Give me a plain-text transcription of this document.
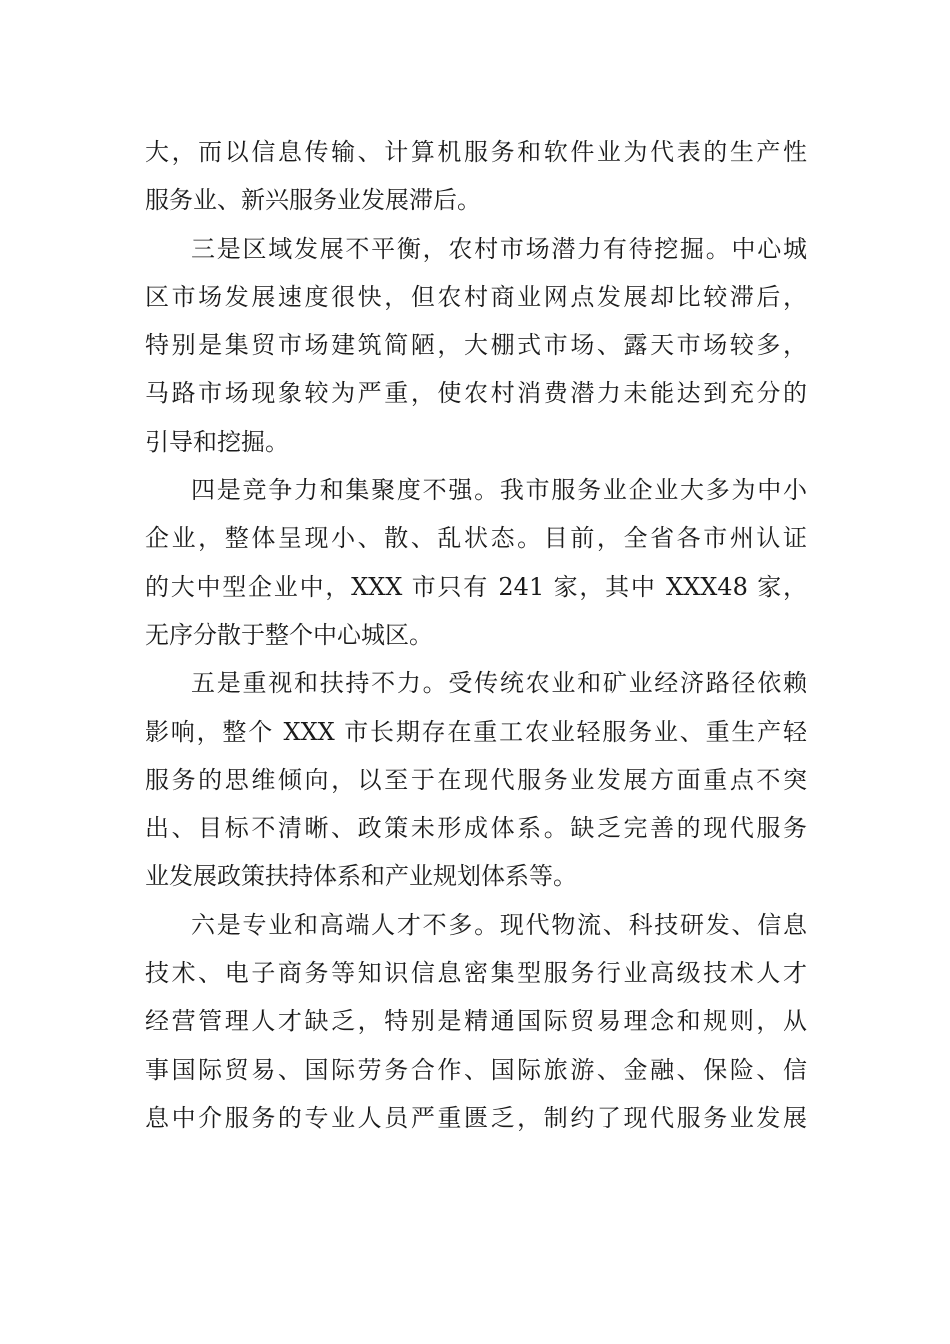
大，而以信息传输、计算机服务和软件业为代表的生产性
服务业、新兴服务业发展滞后。
三是区域发展不平衡，农村市场潜力有待挖掘。中心城
区市场发展速度很快，但农村商业网点发展却比较滞后，
特别是集贸市场建筑简陋，大棚式市场、露天市场较多，
马路市场现象较为严重，使农村消费潜力未能达到充分的
引导和挖掘。
四是竞争力和集聚度不强。我市服务业企业大多为中小
企业，整体呈现小、散、乱状态。目前，全省各市州认证
的大中型企业中，XXX 市只有 241 家，其中 XXX48 家，
无序分散于整个中心城区。
五是重视和扶持不力。受传统农业和矿业经济路径依赖
影响，整个 XXX 市长期存在重工农业轻服务业、重生产轻
服务的思维倾向，以至于在现代服务业发展方面重点不突
出、目标不清晰、政策未形成体系。缺乏完善的现代服务
业发展政策扶持体系和产业规划体系等。
六是专业和高端人才不多。现代物流、科技研发、信息
技术、电子商务等知识信息密集型服务行业高级技术人才
经营管理人才缺乏，特别是精通国际贸易理念和规则，从
事国际贸易、国际劳务合作、国际旅游、金融、保险、信
息中介服务的专业人员严重匮乏，制约了现代服务业发展
